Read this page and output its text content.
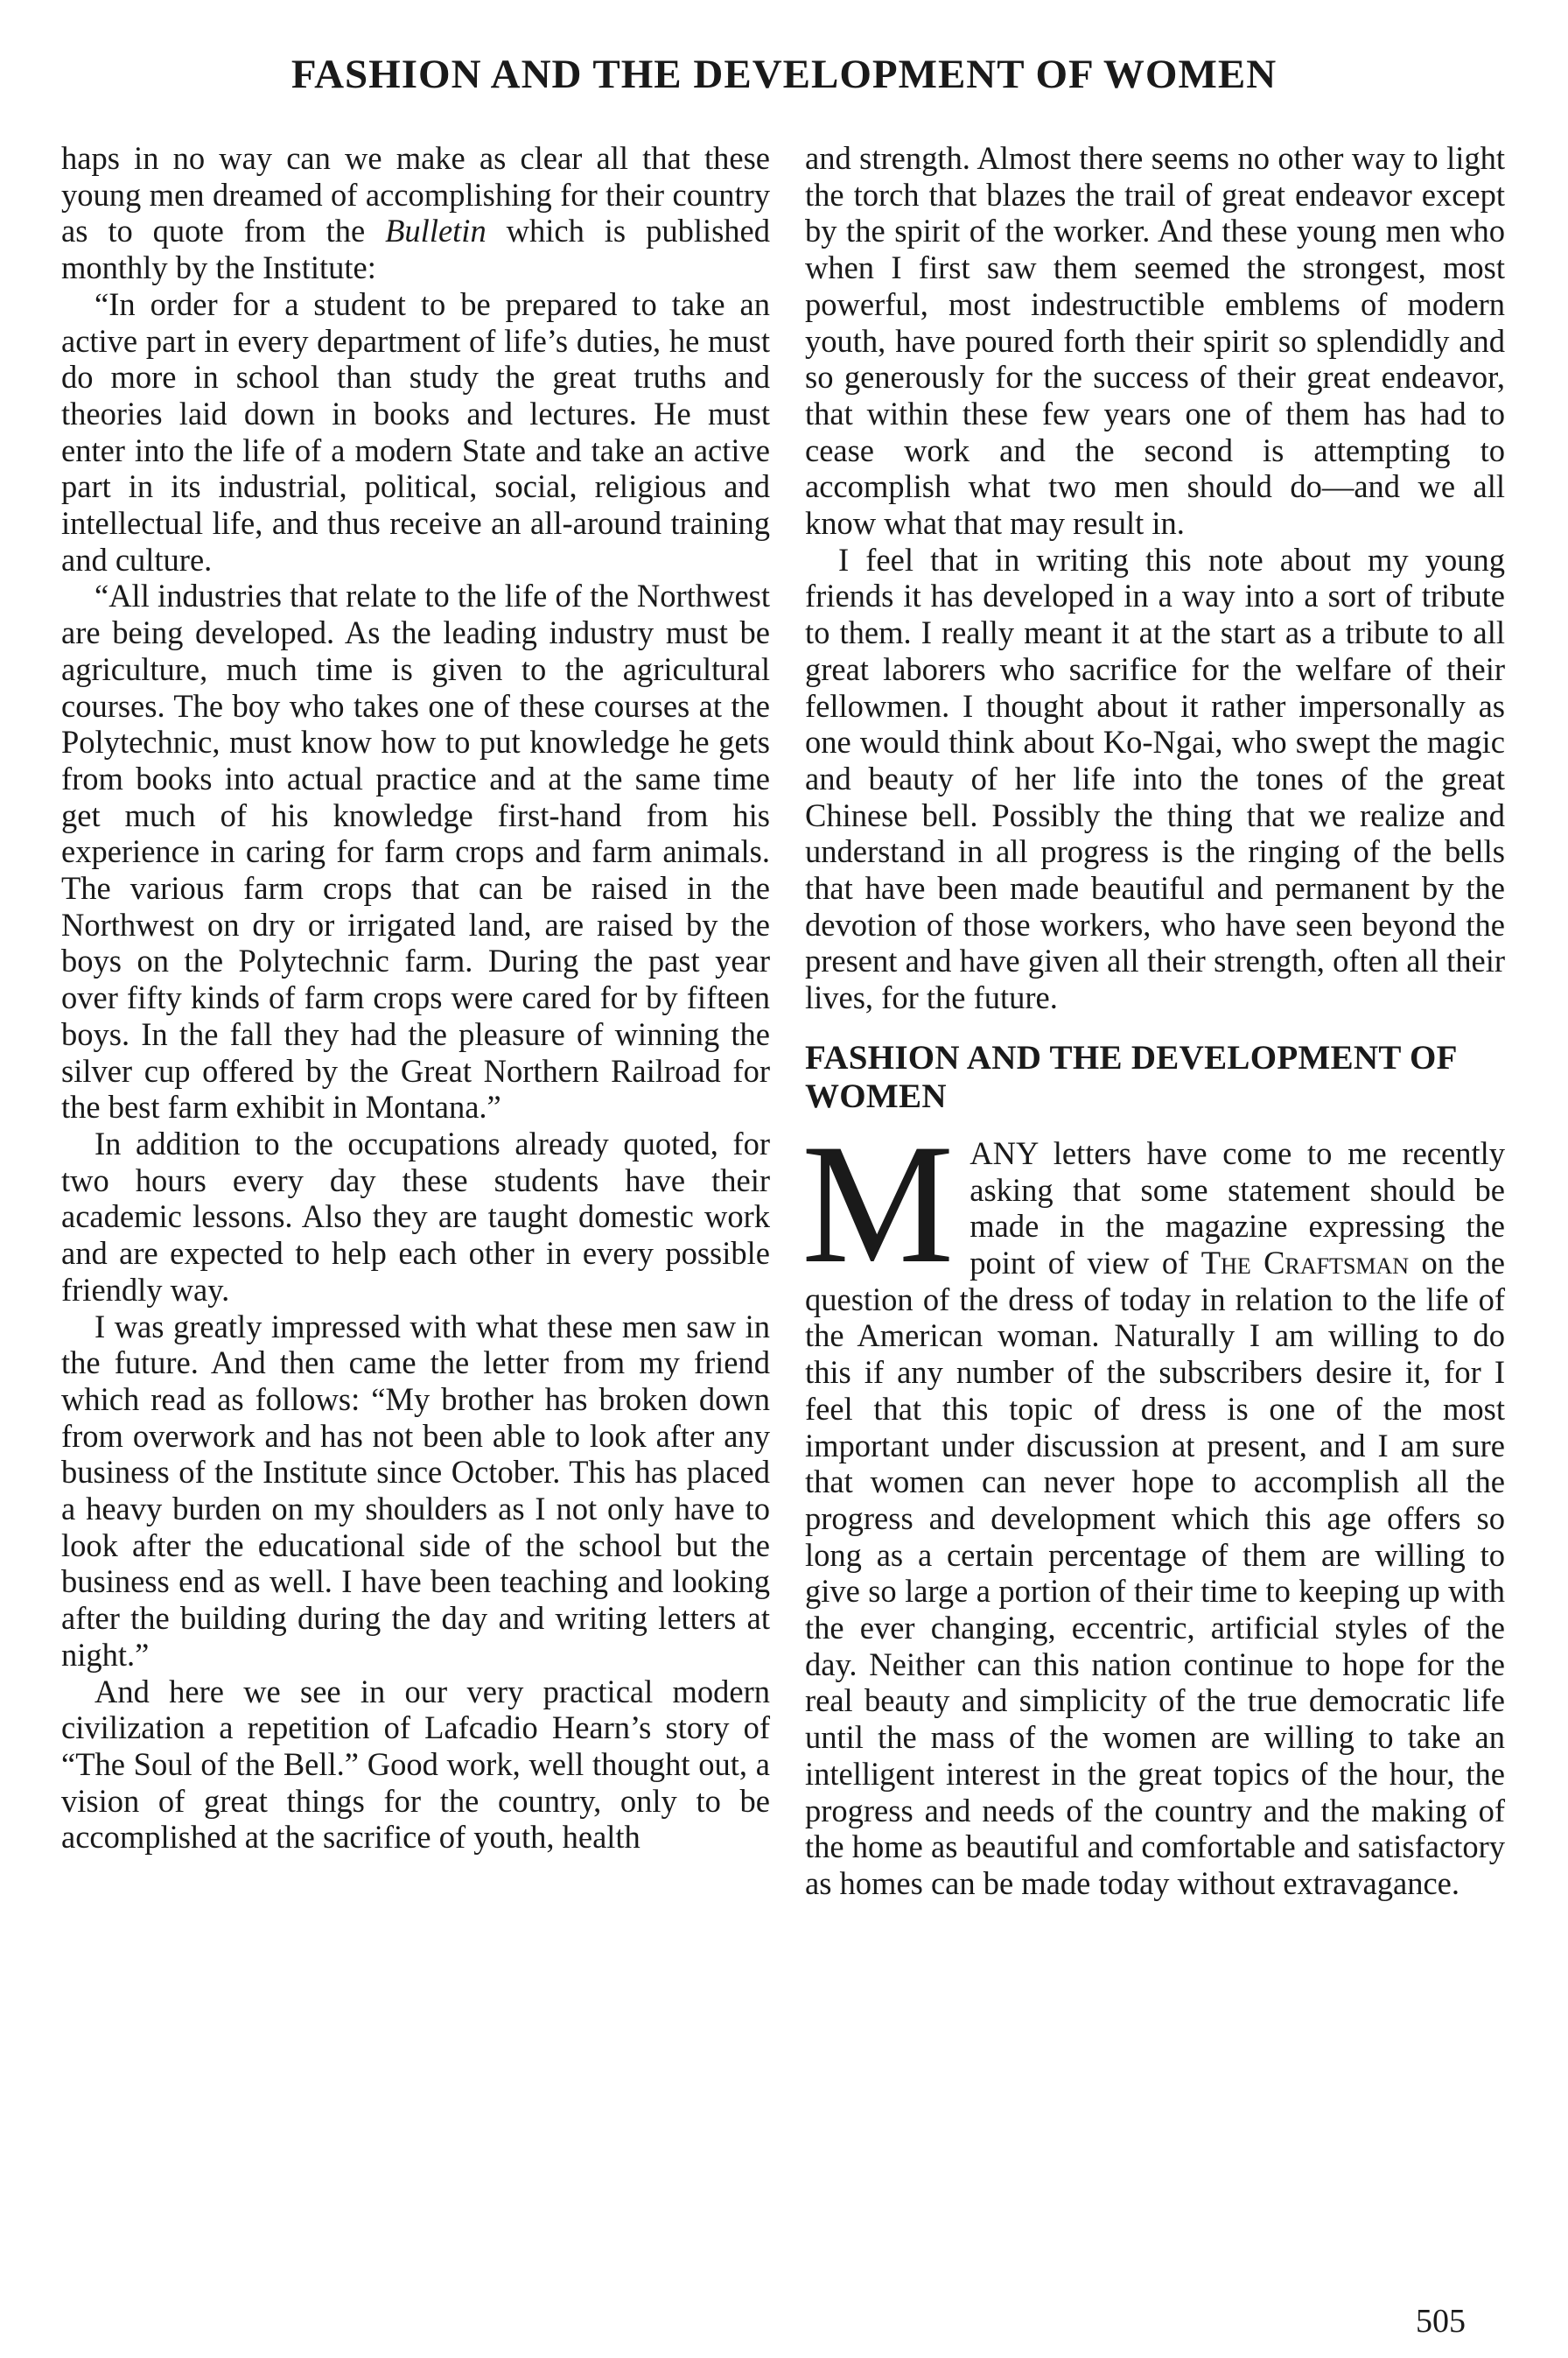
FASHION AND THE DEVELOPMENT OF WOMEN

haps in no way can we make as clear all that these young men dreamed of accomplishing for their country as to quote from the Bulletin which is published monthly by the Institute:

“In order for a student to be prepared to take an active part in every department of life’s duties, he must do more in school than study the great truths and theories laid down in books and lectures. He must enter into the life of a modern State and take an active part in its industrial, political, social, religious and intellectual life, and thus receive an all-around training and culture.

“All industries that relate to the life of the Northwest are being developed. As the leading industry must be agriculture, much time is given to the agricultural courses. The boy who takes one of these courses at the Polytechnic, must know how to put knowledge he gets from books into actual practice and at the same time get much of his knowledge first-hand from his experience in caring for farm crops and farm animals. The various farm crops that can be raised in the Northwest on dry or irrigated land, are raised by the boys on the Polytechnic farm. During the past year over fifty kinds of farm crops were cared for by fifteen boys. In the fall they had the pleasure of winning the silver cup offered by the Great Northern Railroad for the best farm exhibit in Montana.”

In addition to the occupations already quoted, for two hours every day these students have their academic lessons. Also they are taught domestic work and are expected to help each other in every possible friendly way.

I was greatly impressed with what these men saw in the future. And then came the letter from my friend which read as follows: “My brother has broken down from overwork and has not been able to look after any business of the Institute since October. This has placed a heavy burden on my shoulders as I not only have to look after the educational side of the school but the business end as well. I have been teaching and looking after the building during the day and writing letters at night.”

And here we see in our very practical modern civilization a repetition of Lafcadio Hearn’s story of “The Soul of the Bell.” Good work, well thought out, a vision of great things for the country, only to be accomplished at the sacrifice of youth, health

and strength. Almost there seems no other way to light the torch that blazes the trail of great endeavor except by the spirit of the worker. And these young men who when I first saw them seemed the strongest, most powerful, most indestructible emblems of modern youth, have poured forth their spirit so splendidly and so generously for the success of their great endeavor, that within these few years one of them has had to cease work and the second is attempting to accomplish what two men should do—and we all know what that may result in.

I feel that in writing this note about my young friends it has developed in a way into a sort of tribute to them. I really meant it at the start as a tribute to all great laborers who sacrifice for the welfare of their fellowmen. I thought about it rather impersonally as one would think about Ko-Ngai, who swept the magic and beauty of her life into the tones of the great Chinese bell. Possibly the thing that we realize and understand in all progress is the ringing of the bells that have been made beautiful and permanent by the devotion of those workers, who have seen beyond the present and have given all their strength, often all their lives, for the future.

FASHION AND THE DEVELOPMENT OF WOMEN

MANY letters have come to me recently asking that some statement should be made in the magazine expressing the point of view of The Craftsman on the question of the dress of today in relation to the life of the American woman. Naturally I am willing to do this if any number of the subscribers desire it, for I feel that this topic of dress is one of the most important under discussion at present, and I am sure that women can never hope to accomplish all the progress and development which this age offers so long as a certain percentage of them are willing to give so large a portion of their time to keeping up with the ever changing, eccentric, artificial styles of the day. Neither can this nation continue to hope for the real beauty and simplicity of the true democratic life until the mass of the women are willing to take an intelligent interest in the great topics of the hour, the progress and needs of the country and the making of the home as beautiful and comfortable and satisfactory as homes can be made today without extravagance.

505
